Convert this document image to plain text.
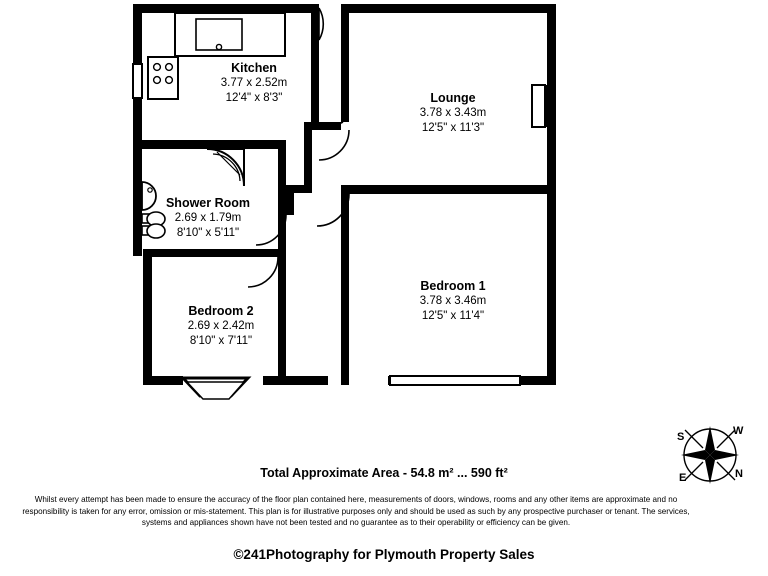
Kitchen
3.77 x 2.52m
12'4" x 8'3"	Lounge
3.78 x 3.43m
12'5" x 11'3"
Shower Room
2.69 x 1.79m
8'10" x 5'11"
Bedroom 1
3.78 x 3.46m
12'5" x 11'4"
Bedroom 2
2.69 x 2.42m
8'10" x 7'11"
Total Approximate Area - 54.8 m² ... 590 ft²
Whilst every attempt has been made to ensure the accuracy of the floor plan contained here, measurements of doors, windows, rooms and any other items are approximate and no responsibility is taken for any error, omission or mis-statement. This plan is for illustrative purposes only and should be used as such by any prospective purchaser or tenant. The services, systems and appliances shown have not been tested and no guarantee as to their operability or efficiency can be given.
©241Photography for Plymouth Property Sales
W
S
N
E
